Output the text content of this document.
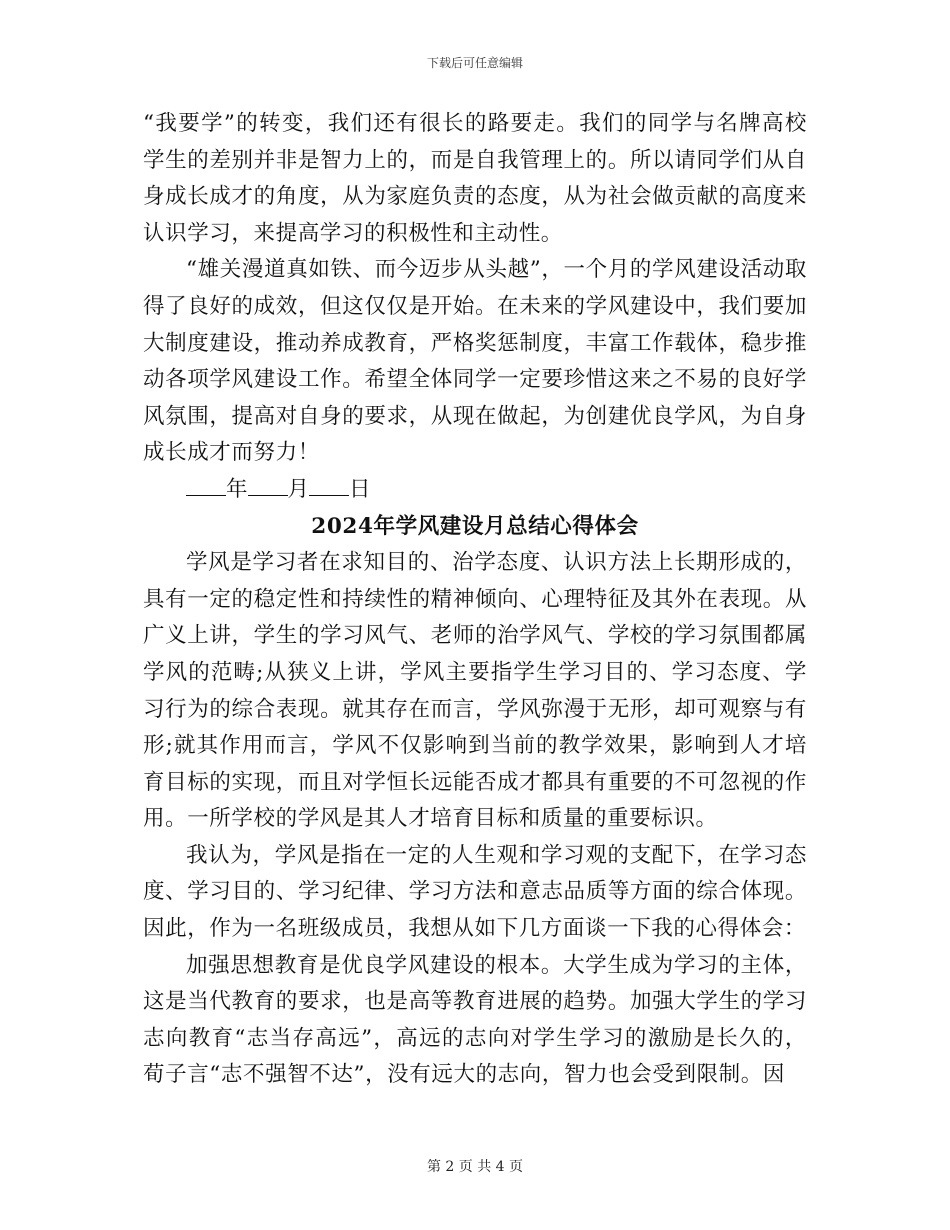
下载后可任意编辑

“我要学”的转变，我们还有很长的路要走。我们的同学与名牌高校学生的差别并非是智力上的，而是自我管理上的。所以请同学们从自身成长成才的角度，从为家庭负责的态度，从为社会做贡献的高度来认识学习，来提高学习的积极性和主动性。

“雄关漫道真如铁、而今迈步从头越”，一个月的学风建设活动取得了良好的成效，但这仅仅是开始。在未来的学风建设中，我们要加大制度建设，推动养成教育，严格奖惩制度，丰富工作载体，稳步推动各项学风建设工作。希望全体同学一定要珍惜这来之不易的良好学风氛围，提高对自身的要求，从现在做起，为创建优良学风，为自身成长成才而努力！

年 月 日

2024年学风建设月总结心得体会

学风是学习者在求知目的、治学态度、认识方法上长期形成的，具有一定的稳定性和持续性的精神倾向、心理特征及其外在表现。从广义上讲，学生的学习风气、老师的治学风气、学校的学习氛围都属学风的范畴;从狭义上讲，学风主要指学生学习目的、学习态度、学习行为的综合表现。就其存在而言，学风弥漫于无形，却可观察与有形;就其作用而言，学风不仅影响到当前的教学效果，影响到人才培育目标的实现，而且对学恒长远能否成才都具有重要的不可忽视的作用。一所学校的学风是其人才培育目标和质量的重要标识。

我认为，学风是指在一定的人生观和学习观的支配下，在学习态度、学习目的、学习纪律、学习方法和意志品质等方面的综合体现。因此，作为一名班级成员，我想从如下几方面谈一下我的心得体会：

加强思想教育是优良学风建设的根本。大学生成为学习的主体，这是当代教育的要求，也是高等教育进展的趋势。加强大学生的学习志向教育“志当存高远”，高远的志向对学生学习的激励是长久的，荀子言“志不强智不达”，没有远大的志向，智力也会受到限制。因

第 2 页 共 4 页
